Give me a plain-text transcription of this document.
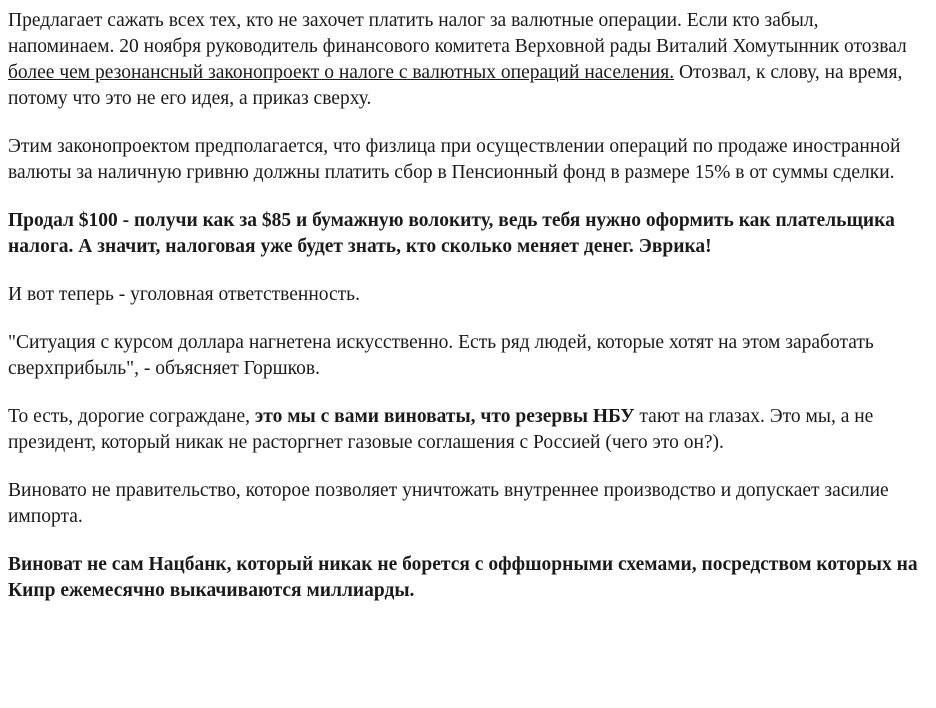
Предлагает сажать всех тех, кто не захочет платить налог за валютные операции. Если кто забыл, напоминаем. 20 ноября руководитель финансового комитета Верховной рады Виталий Хомутынник отозвал более чем резонансный законопроект о налоге с валютных операций населения. Отозвал, к слову, на время, потому что это не его идея, а приказ сверху.

Этим законопроектом предполагается, что физлица при осуществлении операций по продаже иностранной валюты за наличную гривню должны платить сбор в Пенсионный фонд в размере 15% в от суммы сделки.

Продал $100 - получи как за $85 и бумажную волокиту, ведь тебя нужно оформить как плательщика налога. А значит, налоговая уже будет знать, кто сколько меняет денег. Эврика!

И вот теперь - уголовная ответственность.

"Ситуация с курсом доллара нагнетена искусственно. Есть ряд людей, которые хотят на этом заработать сверхприбыль", - объясняет Горшков.

То есть, дорогие сограждане, это мы с вами виноваты, что резервы НБУ тают на глазах. Это мы, а не президент, который никак не расторгнет газовые соглашения с Россией (чего это он?).

Виновато не правительство, которое позволяет уничтожать внутреннее производство и допускает засилие импорта.

Виноват не сам Нацбанк, который никак не борется с оффшорными схемами, посредством которых на Кипр ежемесячно выкачиваются миллиарды.
